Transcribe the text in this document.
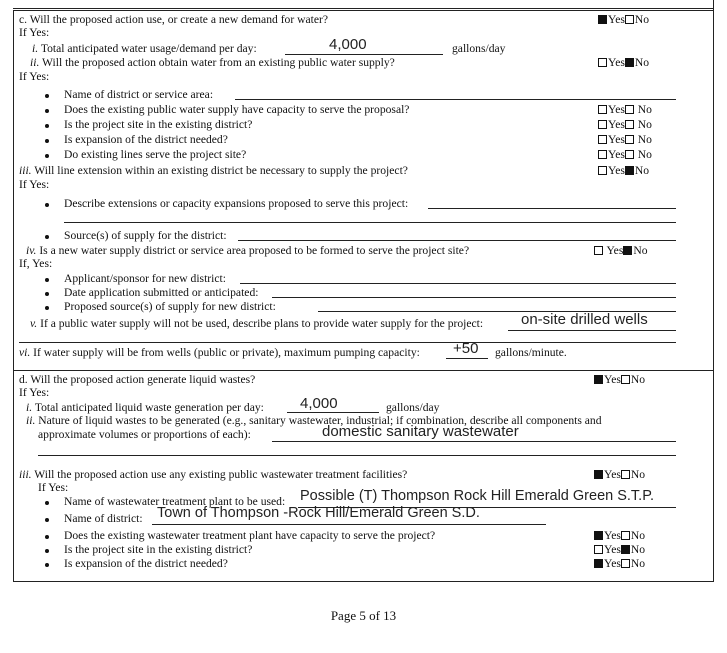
c. Will the proposed action use, or create a new demand for water?	Yes No
If Yes:
i. Total anticipated water usage/demand per day:	4,000	gallons/day
ii. Will the proposed action obtain water from an existing public water supply?	Yes No
If Yes:
Name of district or service area:
Does the existing public water supply have capacity to serve the proposal?	Yes No
Is the project site in the existing district?	Yes No
Is expansion of the district needed?	Yes No
Do existing lines serve the project site?	Yes No
iii. Will line extension within an existing district be necessary to supply the project?	Yes No
If Yes:
Describe extensions or capacity expansions proposed to serve this project:
Source(s) of supply for the district:
iv. Is a new water supply district or service area proposed to be formed to serve the project site?	Yes No
If, Yes:
Applicant/sponsor for new district:
Date application submitted or anticipated:
Proposed source(s) of supply for new district:
v. If a public water supply will not be used, describe plans to provide water supply for the project:	on-site drilled wells
vi. If water supply will be from wells (public or private), maximum pumping capacity: +50 gallons/minute.
d. Will the proposed action generate liquid wastes?	Yes No
If Yes:
i. Total anticipated liquid waste generation per day: 4,000	gallons/day
ii. Nature of liquid wastes to be generated (e.g., sanitary wastewater, industrial; if combination, describe all components and
approximate volumes or proportions of each):	domestic sanitary wastewater
iii. Will the proposed action use any existing public wastewater treatment facilities?	Yes No
If Yes:
Name of wastewater treatment plant to be used: Possible (T) Thompson Rock Hill Emerald Green S.T.P.
Name of district: Town of Thompson -Rock Hill/Emerald Green S.D.
Does the existing wastewater treatment plant have capacity to serve the project?	Yes No
Is the project site in the existing district?	Yes No
Is expansion of the district needed?	Yes No
Page 5 of 13
